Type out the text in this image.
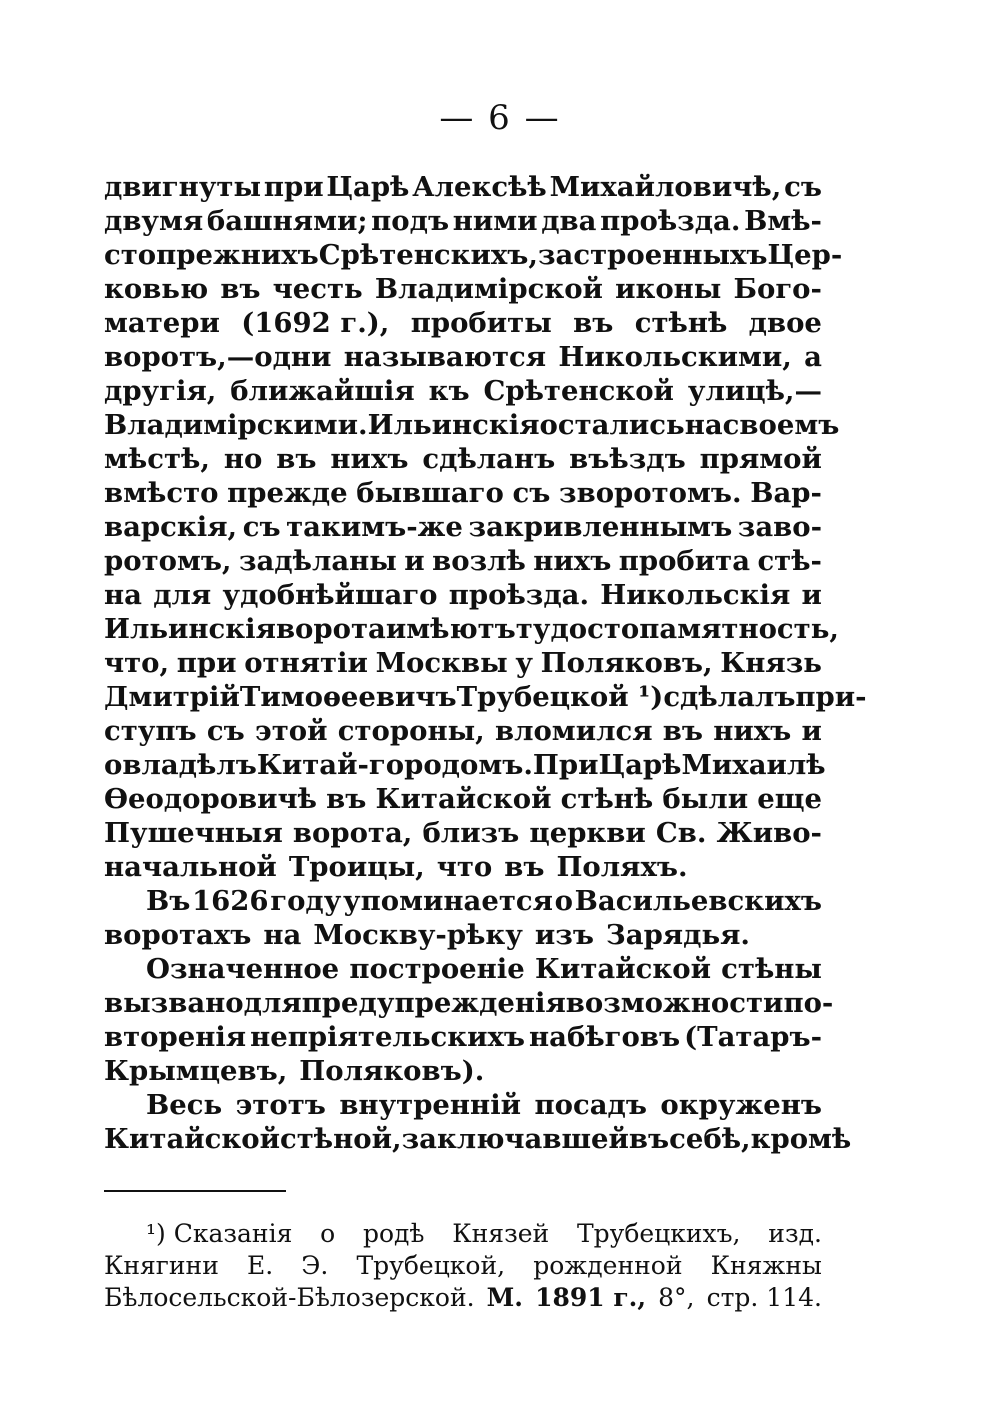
— 6 —
двигнуты при Царѣ Алексѣѣ Михайловичѣ, съ
двумя башнями; подъ ними два проѣзда. Вмѣ-
сто прежнихъ Срѣтенскихъ, застроенныхъ Цер-
ковью въ честь Владимірской иконы Бого-
матери (1692 г.), пробиты въ стѣнѣ двое
воротъ,—одни называются Никольскими, а
другія, ближайшія къ Срѣтенской улицѣ,—
Владимірскими. Ильинскія остались на своемъ
мѣстѣ, но въ нихъ сдѣланъ въѣздъ прямой
вмѣсто прежде бывшаго съ зворотомъ. Вар-
варскія, съ такимъ-же закривленнымъ заво-
ротомъ, задѣланы и возлѣ нихъ пробита стѣ-
на для удобнѣйшаго проѣзда. Никольскія и
Ильинскія ворота имѣютъ ту достопамятность,
что, при отнятіи Москвы у Поляковъ, Князь
Дмитрій Тимоѳеевичъ Трубецкой ¹) сдѣлалъ при-
ступъ съ этой стороны, вломился въ нихъ и
овладѣлъ Китай-городомъ. При Царѣ Михаилѣ
Ѳеодоровичѣ въ Китайской стѣнѣ были еще
Пушечныя ворота, близъ церкви Св. Живо-
начальной Троицы, что въ Поляхъ.
Въ 1626 году упоминается о Васильевскихъ
воротахъ на Москву-рѣку изъ Зарядья.
Означенное построеніе Китайской стѣны
вызвано для предупрежденія возможности по-
вторенія непріятельскихъ набѣговъ (Татаръ-
Крымцевъ, Поляковъ).
Весь этотъ внутренній посадъ окруженъ
Китайской стѣной, заключавшей въ себѣ, кромѣ
¹) Сказанія о родѣ Князей Трубецкихъ, изд.
Княгини Е. Э. Трубецкой, рожденной Княжны
Бѣлосельской-Бѣлозерской. М. 1891 г., 8°, стр. 114.
